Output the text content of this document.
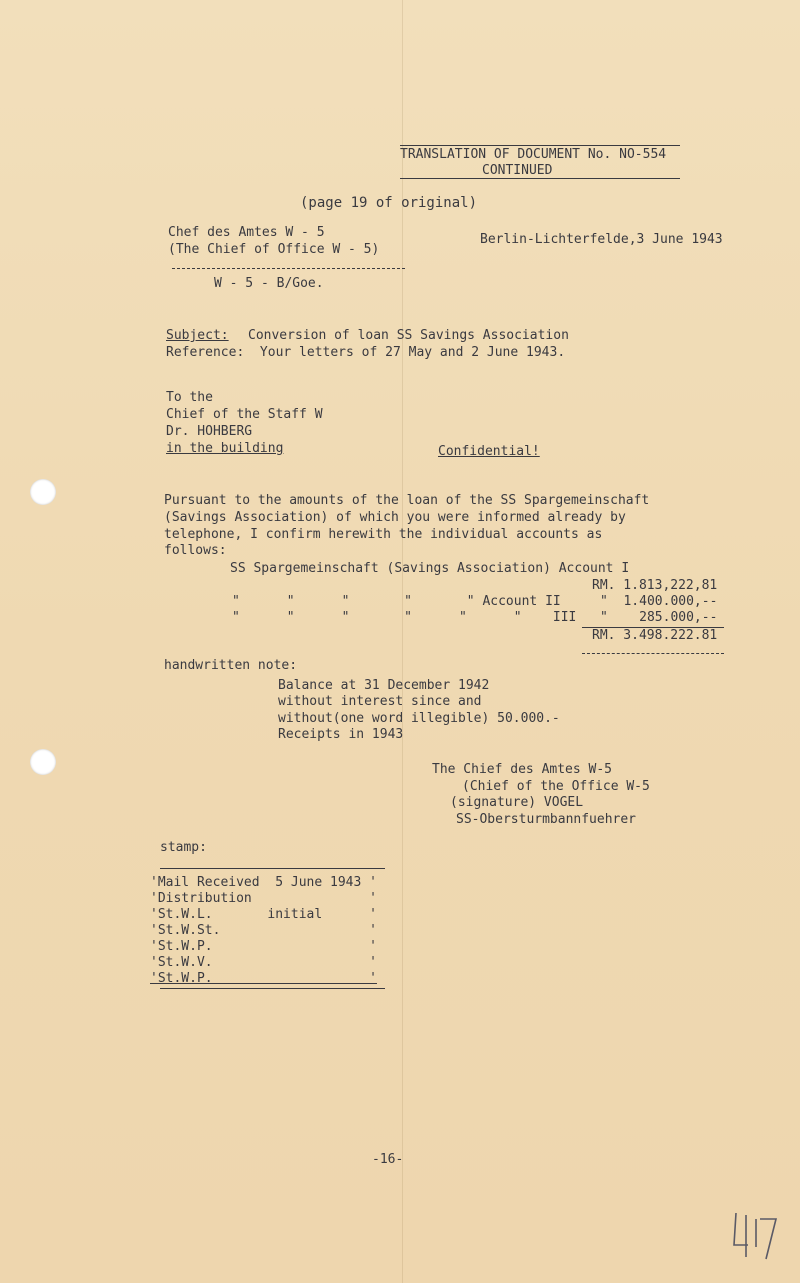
TRANSLATION OF DOCUMENT No. NO-554
CONTINUED
(page 19 of original)
Chef des Amtes W - 5
(The Chief of Office W - 5)
Berlin-Lichterfelde,3 June 1943
W - 5 - B/Goe.
Subject: Conversion of loan SS Savings Association
Reference:  Your letters of 27 May and 2 June 1943.
To the
Chief of the Staff W
Dr. HOHBERG
in the building	Confidential!
Pursuant to the amounts of the loan of the SS Spargemeinschaft
(Savings Association) of which you were informed already by
telephone, I confirm herewith the individual accounts as
follows:
SS Spargemeinschaft (Savings Association) Account I
RM. 1.813,222,81
"      "      "       "       " Account II	"  1.400.000,--
"      "      "       "      "      "    III "    285.000,--
RM. 3.498.222.81
handwritten note:
Balance at 31 December 1942
without interest since and
without(one word illegible) 50.000.-
Receipts in 1943
The Chief des Amtes W-5
(Chief of the Office W-5
(signature) VOGEL
SS-Obersturmbannfuehrer
stamp:
'Mail Received  5 June 1943 '
'Distribution               '
'St.W.L.       initial      '
'St.W.St.                   '
'St.W.P.                    '
'St.W.V.                    '
'St.W.P.                    '
-16-
